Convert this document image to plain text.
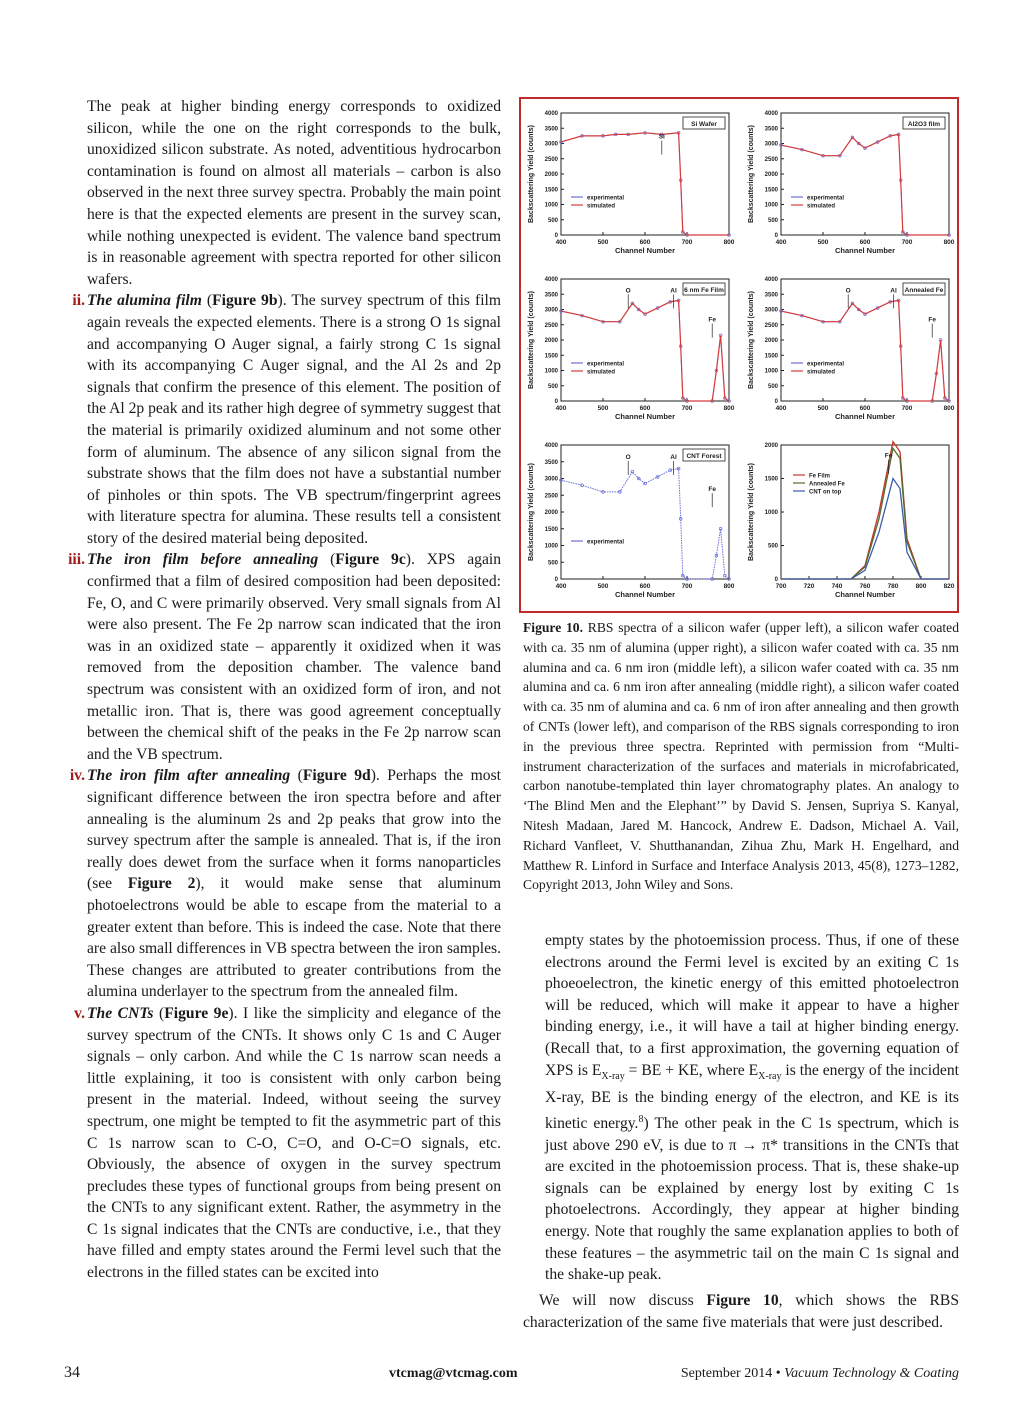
The peak at higher binding energy corresponds to oxidized silicon, while the one on the right corresponds to the bulk, unoxidized silicon substrate. As noted, adventitious hydrocarbon contamination is found on almost all materials – carbon is also observed in the next three survey spectra. Probably the main point here is that the expected elements are present in the survey scan, while nothing unexpected is evident. The valence band spectrum is in reasonable agreement with spectra reported for other silicon wafers.

ii. The alumina film (Figure 9b). The survey spectrum of this film again reveals the expected elements. There is a strong O 1s signal and accompanying O Auger signal, a fairly strong C 1s signal with its accompanying C Auger signal, and the Al 2s and 2p signals that confirm the presence of this element. The position of the Al 2p peak and its rather high degree of symmetry suggest that the material is primarily oxidized aluminum and not some other form of aluminum. The absence of any silicon signal from the substrate shows that the film does not have a substantial number of pinholes or thin spots. The VB spectrum/fingerprint agrees with literature spectra for alumina. These results tell a consistent story of the desired material being deposited.

iii. The iron film before annealing (Figure 9c). XPS again confirmed that a film of desired composition had been deposited: Fe, O, and C were primarily observed. Very small signals from Al were also present. The Fe 2p narrow scan indicated that the iron was in an oxidized state – apparently it oxidized when it was removed from the deposition chamber. The valence band spectrum was consistent with an oxidized form of iron, and not metallic iron. That is, there was good agreement conceptually between the chemical shift of the peaks in the Fe 2p narrow scan and the VB spectrum.

iv. The iron film after annealing (Figure 9d). Perhaps the most significant difference between the iron spectra before and after annealing is the aluminum 2s and 2p peaks that grow into the survey spectrum after the sample is annealed. That is, if the iron really does dewet from the surface when it forms nanoparticles (see Figure 2), it would make sense that aluminum photoelectrons would be able to escape from the material to a greater extent than before. This is indeed the case. Note that there are also small differences in VB spectra between the iron samples. These changes are attributed to greater contributions from the alumina underlayer to the spectrum from the annealed film.

v. The CNTs (Figure 9e). I like the simplicity and elegance of the survey spectrum of the CNTs. It shows only C 1s and C Auger signals – only carbon. And while the C 1s narrow scan needs a little explaining, it too is consistent with only carbon being present in the material. Indeed, without seeing the survey spectrum, one might be tempted to fit the asymmetric part of this C 1s narrow scan to C-O, C=O, and O-C=O signals, etc. Obviously, the absence of oxygen in the survey spectrum precludes these types of functional groups from being present on the CNTs to any significant extent. Rather, the asymmetry in the C 1s signal indicates that the CNTs are conductive, i.e., that they have filled and empty states around the Fermi level such that the electrons in the filled states can be excited into

400	500	600	700	800
0
500
1000
1500
2000
2500
3000
3500
4000
Channel Number
Backscattering Yield (counts)
Si Wafer
experimental
simulated
Si
400	500	600	700	800
0
500
1000
1500
2000
2500
3000
3500
4000
Channel Number
Backscattering Yield (counts)
Al2O3 film
experimental
simulated
400	500	600	700	800
0
500
1000
1500
2000
2500
3000
3500
4000
Channel Number
Backscattering Yield (counts)
6 nm Fe Film
experimental
simulated
O	Al
Fe
400	500	600	700	800
0
500
1000
1500
2000
2500
3000
3500
4000
Channel Number
Backscattering Yield (counts)
Annealed Fe
experimental
simulated
O	Al
Fe
400	500	600	700	800
0
500
1000
1500
2000
2500
3000
3500
4000
Channel Number
Backscattering Yield (counts)
CNT Forest
experimental
O	Al
Fe
700	720	740	760	780	800	820
0
500
1000
1500
2000
Channel Number
Backscattering Yield (counts)	Fe Film
Annealed Fe
CNT on top
Fe

Figure 10. RBS spectra of a silicon wafer (upper left), a silicon wafer coated with ca. 35 nm of alumina (upper right), a silicon wafer coated with ca. 35 nm alumina and ca. 6 nm iron (middle left), a silicon wafer coated with ca. 35 nm alumina and ca. 6 nm iron after annealing (middle right), a silicon wafer coated with ca. 35 nm of alumina and ca. 6 nm of iron after annealing and then growth of CNTs (lower left), and comparison of the RBS signals corresponding to iron in the previous three spectra. Reprinted with permission from “Multi-instrument characterization of the surfaces and materials in microfabricated, carbon nanotube-templated thin layer chromatography plates. An analogy to ‘The Blind Men and the Elephant’” by David S. Jensen, Supriya S. Kanyal, Nitesh Madaan, Jared M. Hancock, Andrew E. Dadson, Michael A. Vail, Richard Vanfleet, V. Shutthanandan, Zihua Zhu, Mark H. Engelhard, and Matthew R. Linford in Surface and Interface Analysis 2013, 45(8), 1273–1282, Copyright 2013, John Wiley and Sons.

empty states by the photoemission process. Thus, if one of these electrons around the Fermi level is excited by an exiting C 1s phoeoelectron, the kinetic energy of this emitted photoelectron will be reduced, which will make it appear to have a higher binding energy, i.e., it will have a tail at higher binding energy. (Recall that, to a first approximation, the governing equation of XPS is $E_{X-ray}$ = BE + KE, where $E_{X-ray}$ is the energy of the incident X-ray, BE is the binding energy of the electron, and KE is its kinetic energy.$^8$) The other peak in the C 1s spectrum, which is just above 290 eV, is due to π → π* transitions in the CNTs that are excited in the photoemission process. That is, these shake-up signals can be explained by energy lost by exiting C 1s photoelectrons. Accordingly, they appear at higher binding energy. Note that roughly the same explanation applies to both of these features – the asymmetric tail on the main C 1s signal and the shake-up peak.

We will now discuss Figure 10, which shows the RBS characterization of the same five materials that were just described.

34	vtcmag@vtcmag.com	September 2014 • Vacuum Technology & Coating
